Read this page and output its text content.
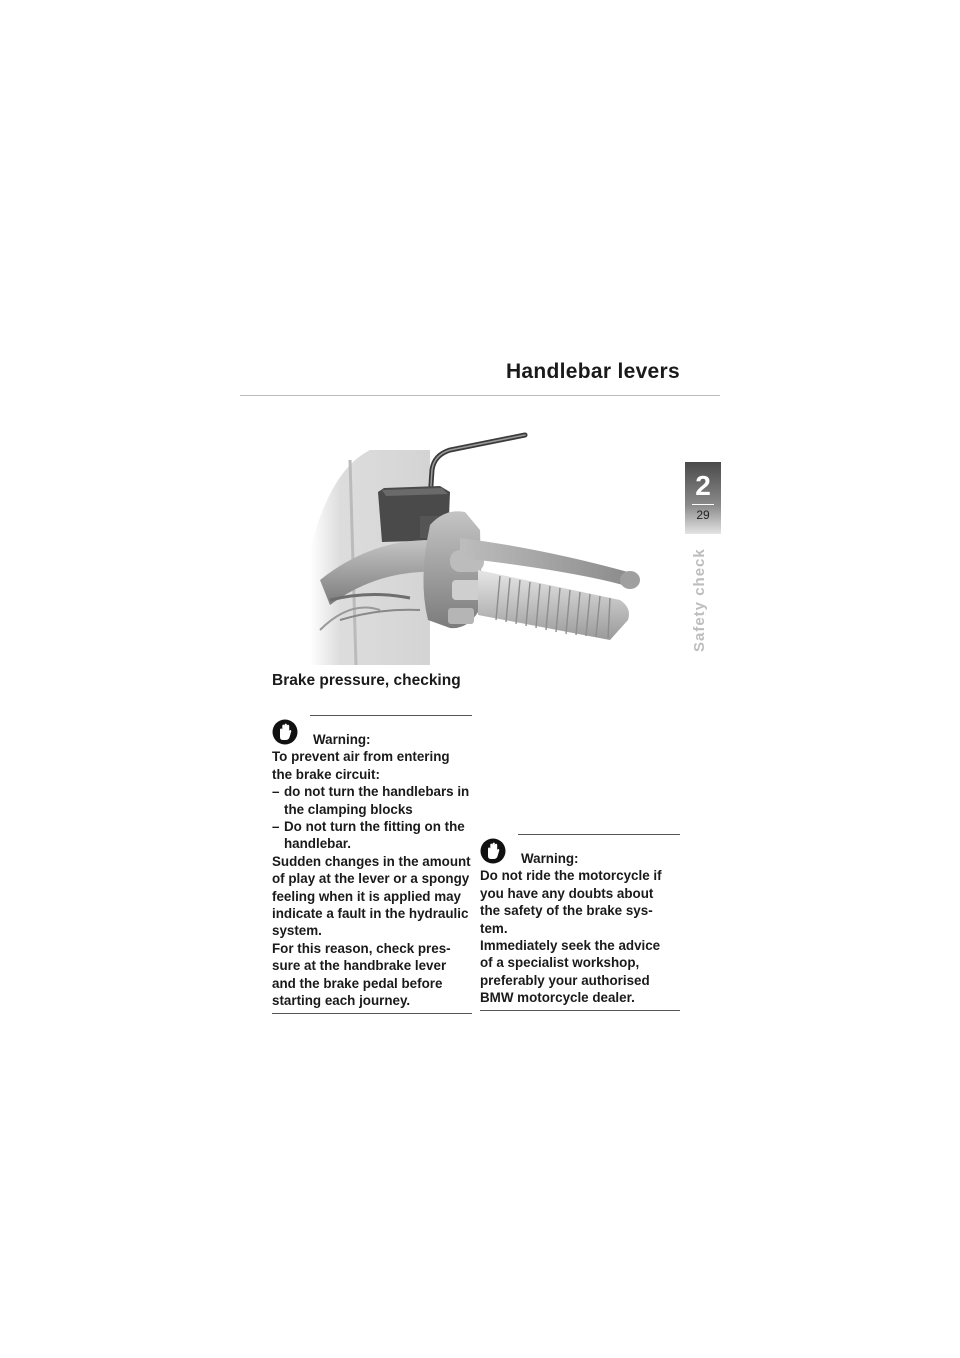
Handlebar levers
2
29
Safety check
Brake pressure, checking
Warning:
To prevent air from entering
the brake circuit:
– do not turn the handlebars in
the clamping blocks
– Do not turn the fitting on the
handlebar.
Sudden changes in the amount
of play at the lever or a spongy
feeling when it is applied may
indicate a fault in the hydraulic
system.
For this reason, check pres-
sure at the handbrake lever
and the brake pedal before
starting each journey.
Warning:
Do not ride the motorcycle if
you have any doubts about
the safety of the brake sys-
tem.
Immediately seek the advice
of a specialist workshop,
preferably your authorised
BMW motorcycle dealer.
